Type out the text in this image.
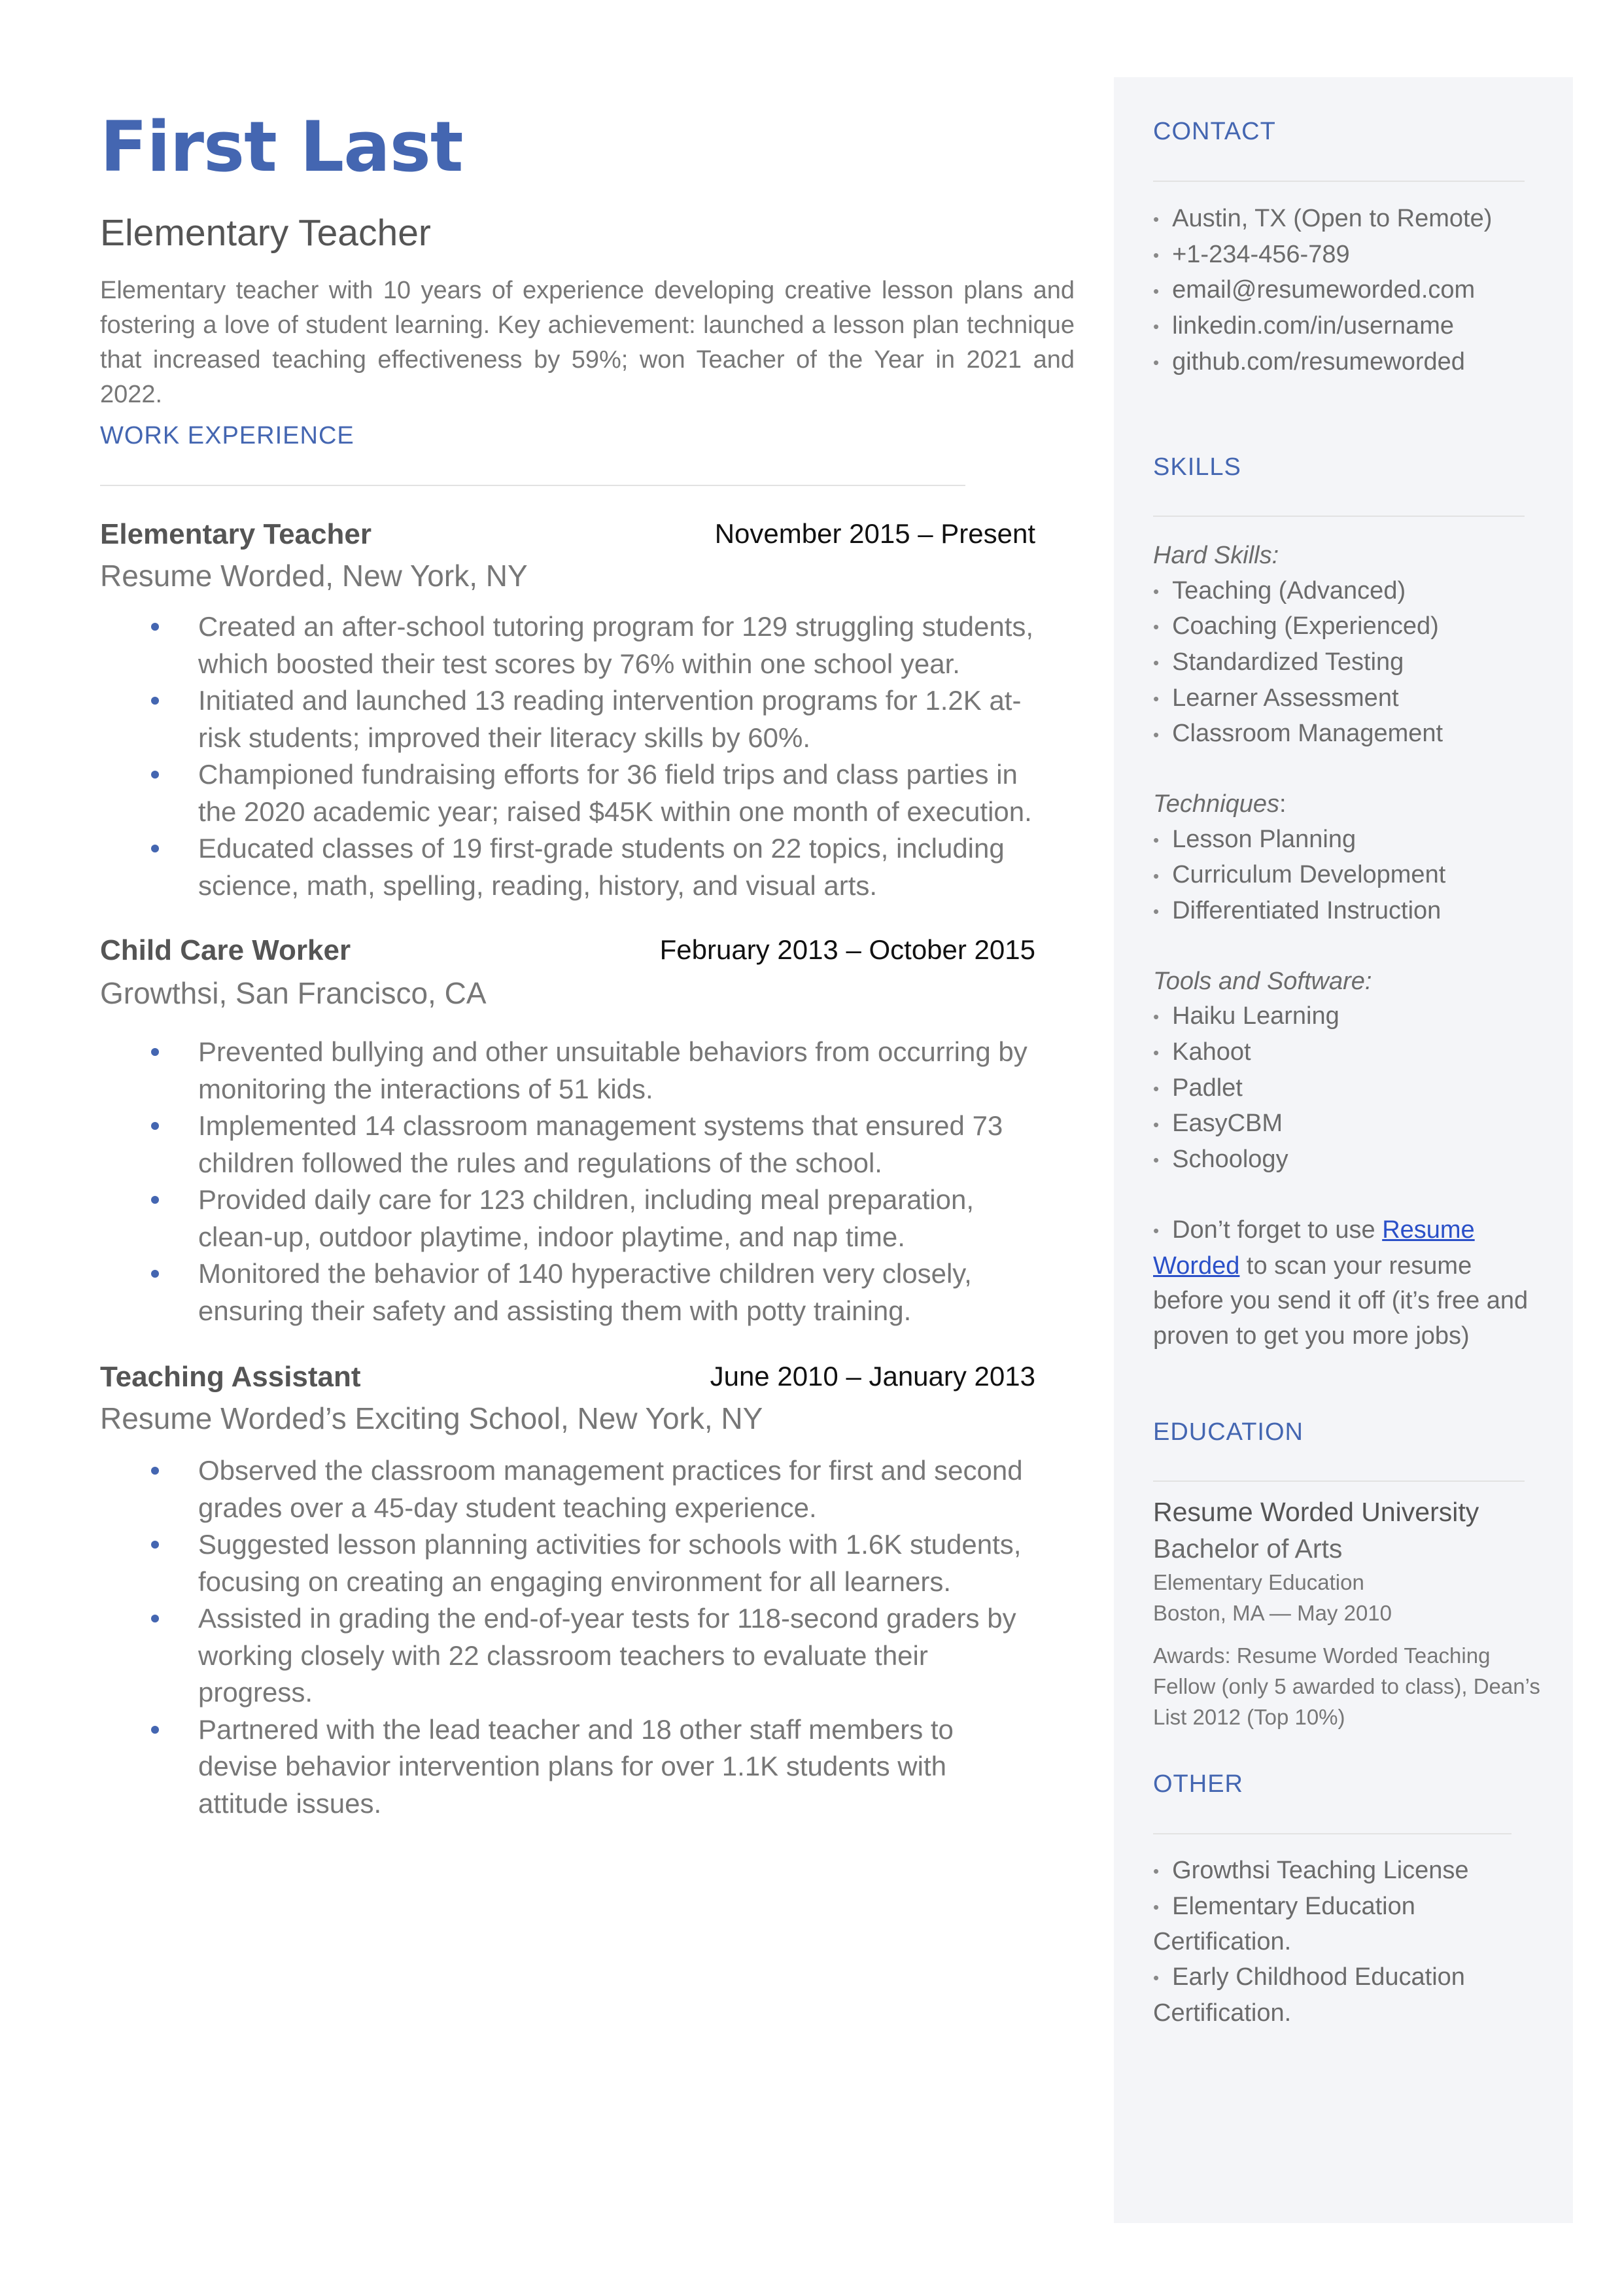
First Last
Elementary Teacher
Elementary teacher with 10 years of experience developing creative lesson plans and fostering a love of student learning. Key achievement: launched a lesson plan technique that increased teaching effectiveness by 59%; won Teacher of the Year in 2021 and 2022.
WORK EXPERIENCE
Elementary Teacher	November 2015 – Present
Resume Worded, New York, NY
Created an after-school tutoring program for 129 struggling students, which boosted their test scores by 76% within one school year.
Initiated and launched 13 reading intervention programs for 1.2K at-risk students; improved their literacy skills by 60%.
Championed fundraising efforts for 36 field trips and class parties in the 2020 academic year; raised $45K within one month of execution.
Educated classes of 19 first-grade students on 22 topics, including science, math, spelling, reading, history, and visual arts.
Child Care Worker	February 2013 – October 2015
Growthsi, San Francisco, CA
Prevented bullying and other unsuitable behaviors from occurring by monitoring the interactions of 51 kids.
Implemented 14 classroom management systems that ensured 73 children followed the rules and regulations of the school.
Provided daily care for 123 children, including meal preparation, clean-up, outdoor playtime, indoor playtime, and nap time.
Monitored the behavior of 140 hyperactive children very closely, ensuring their safety and assisting them with potty training.
Teaching Assistant	June 2010 – January 2013
Resume Worded’s Exciting School, New York, NY
Observed the classroom management practices for first and second grades over a 45-day student teaching experience.
Suggested lesson planning activities for schools with 1.6K students, focusing on creating an engaging environment for all learners.
Assisted in grading the end-of-year tests for 118-second graders by working closely with 22 classroom teachers to evaluate their progress.
Partnered with the lead teacher and 18 other staff members to devise behavior intervention plans for over 1.1K students with attitude issues.
CONTACT
• Austin, TX (Open to Remote)
• +1-234-456-789
• email@resumeworded.com
• linkedin.com/in/username
• github.com/resumeworded
SKILLS
Hard Skills:
• Teaching (Advanced)
• Coaching (Experienced)
• Standardized Testing
• Learner Assessment
• Classroom Management
Techniques:
• Lesson Planning
• Curriculum Development
• Differentiated Instruction
Tools and Software:
• Haiku Learning
• Kahoot
• Padlet
• EasyCBM
• Schoology
• Don’t forget to use Resume Worded to scan your resume before you send it off (it’s free and proven to get you more jobs)
EDUCATION
Resume Worded University
Bachelor of Arts
Elementary Education
Boston, MA — May 2010
Awards: Resume Worded Teaching Fellow (only 5 awarded to class), Dean’s List 2012 (Top 10%)
OTHER
• Growthsi Teaching License
• Elementary Education Certification.
• Early Childhood Education Certification.
